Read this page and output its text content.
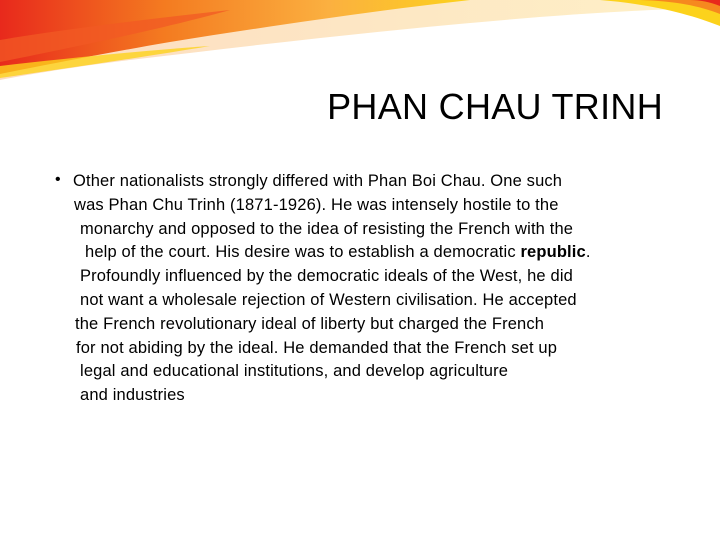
PHAN CHAU TRINH
• Other nationalists strongly differed with Phan Boi Chau. One such
was Phan Chu Trinh (1871-1926). He was intensely hostile to the
monarchy and opposed to the idea of resisting the French with the
help of the court. His desire was to establish a democratic republic.
Profoundly influenced by the democratic ideals of the West, he did
not want a wholesale rejection of Western civilisation. He accepted
the French revolutionary ideal of liberty but charged the French
for not abiding by the ideal. He demanded that the French set up
legal and educational institutions, and develop agriculture
and industries
